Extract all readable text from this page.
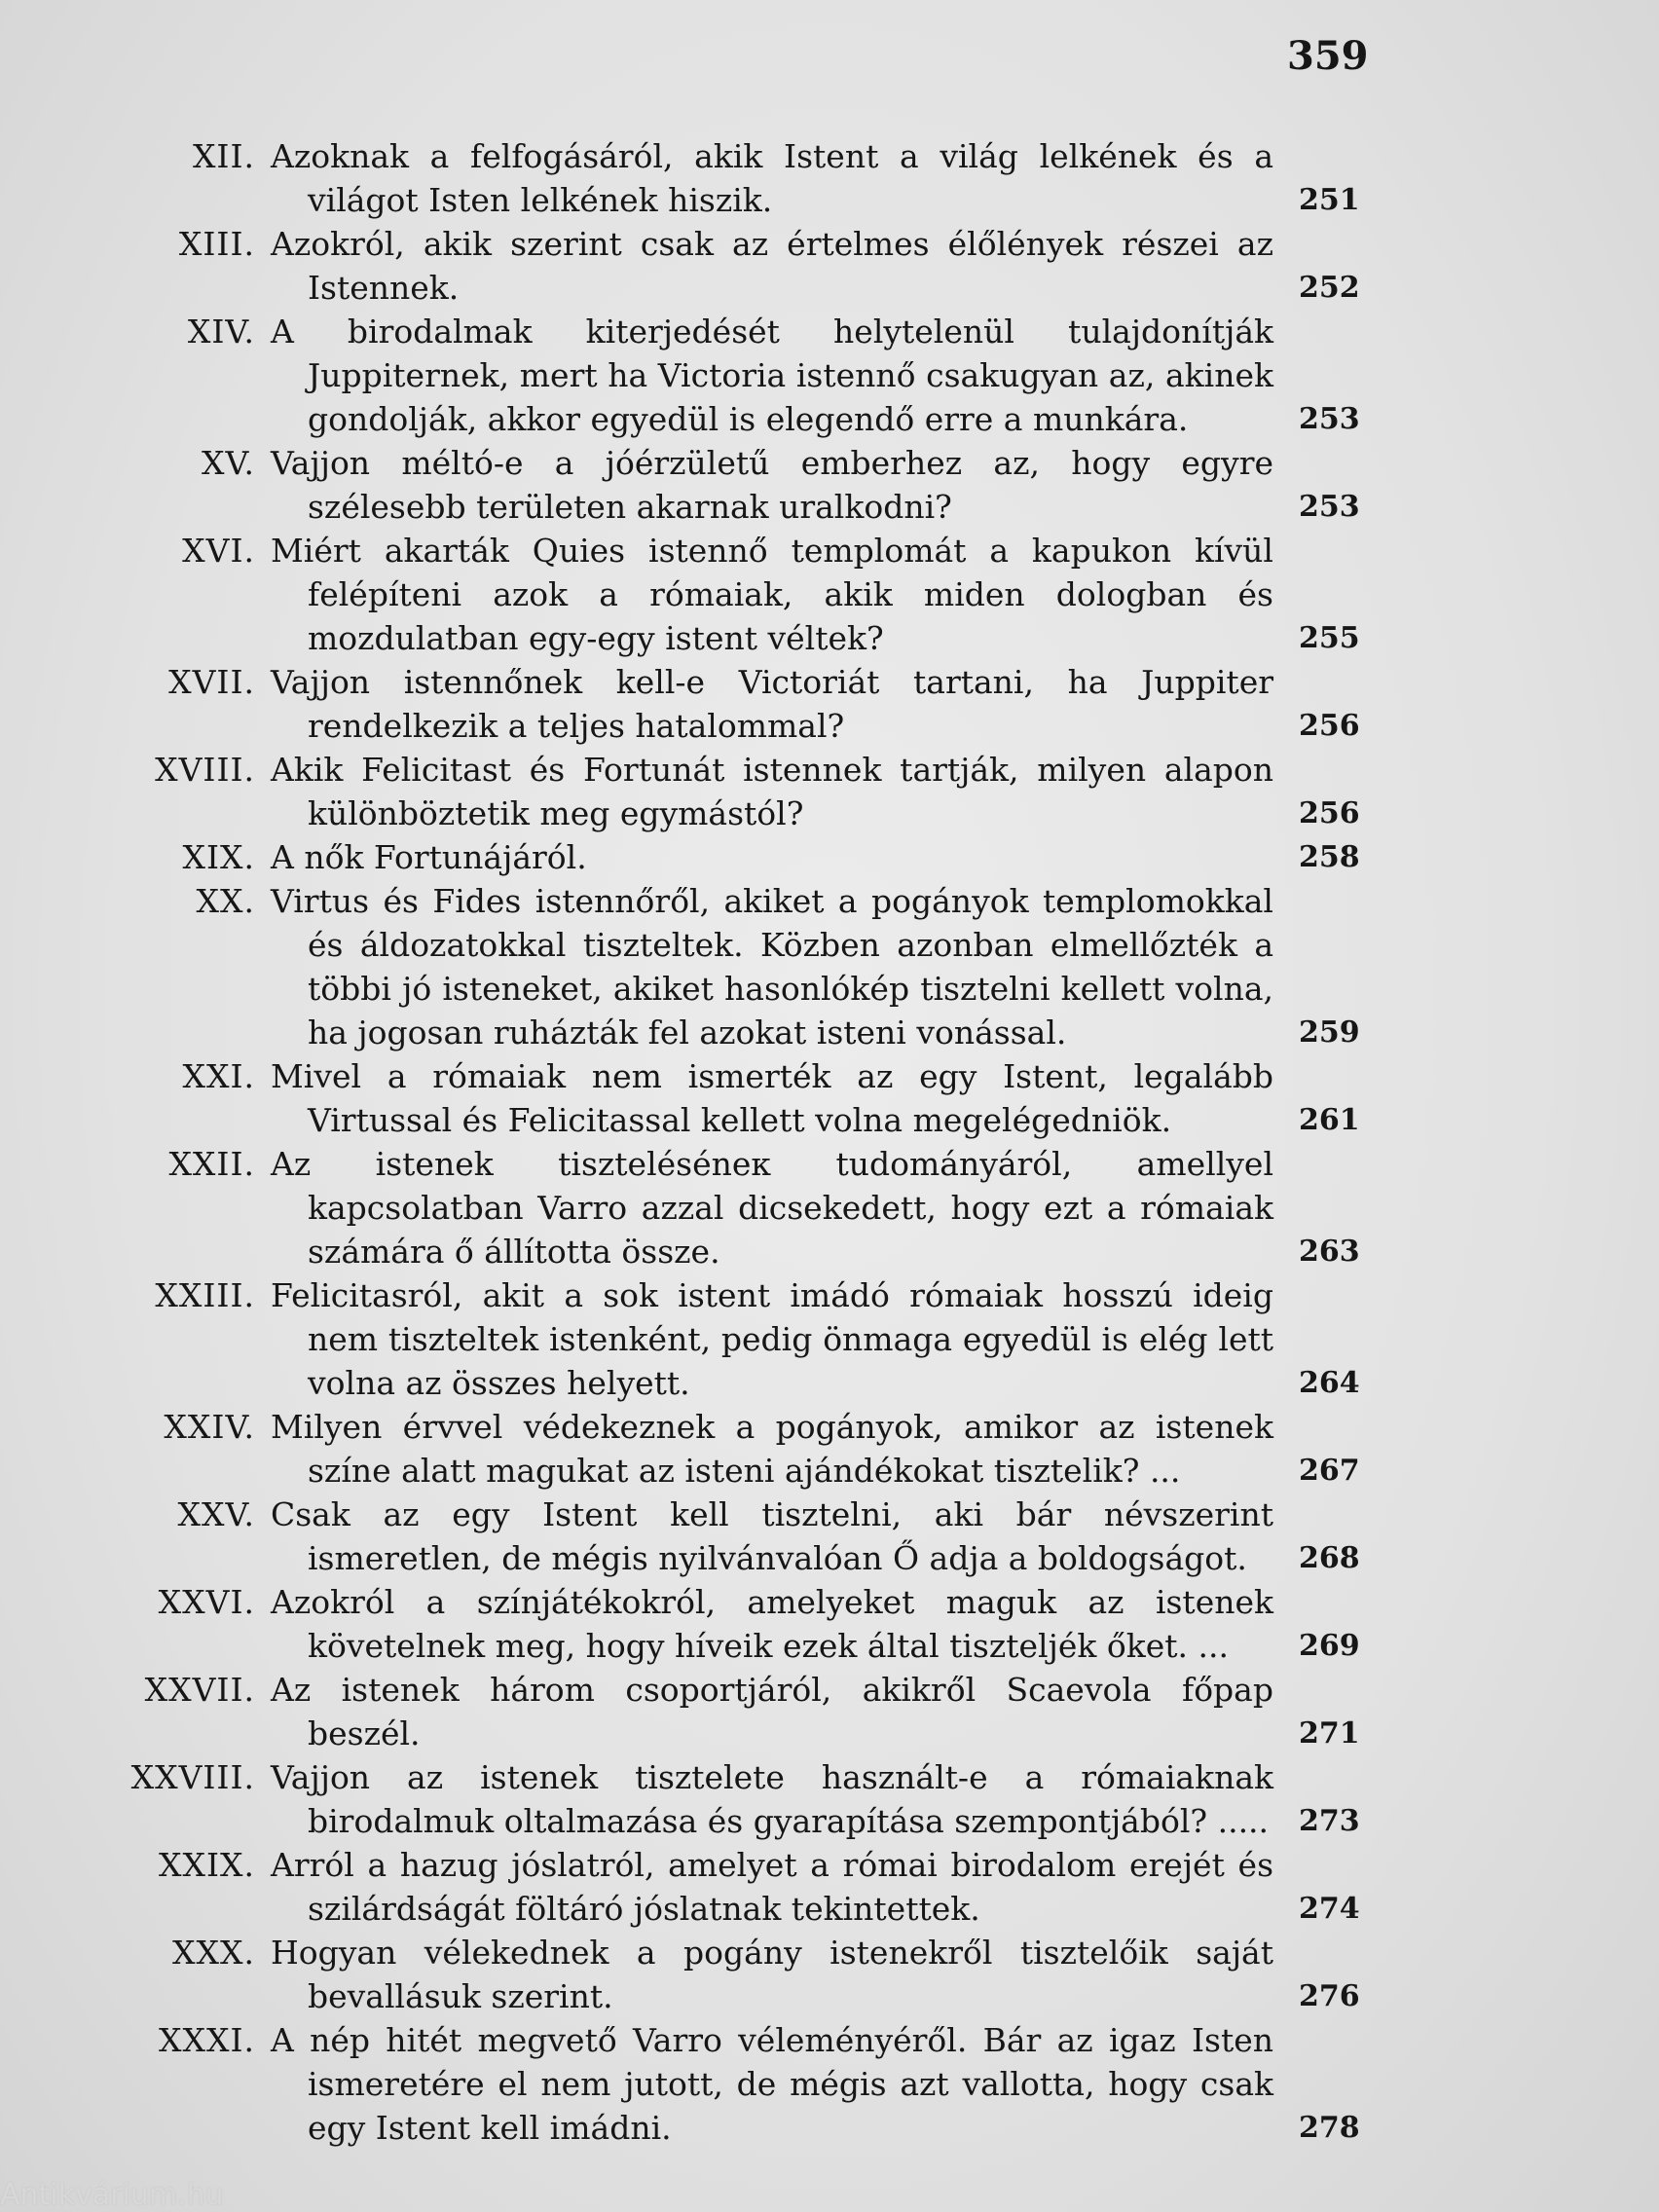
359
XII. Azoknak a felfogásáról, akik Istent a világ lelkének és a világot Isten lelkének hiszik.	251
XIII. Azokról, akik szerint csak az értelmes élőlények részei az Istennek.	252
XIV. A birodalmak kiterjedését helytelenül tulajdonítják Juppiternek, mert ha Victoria istennő csakugyan az, akinek gondolják, akkor egyedül is elegendő erre a munkára.	253
XV. Vajjon méltó-e a jóérzületű emberhez az, hogy egyre szélesebb területen akarnak uralkodni?	253
XVI. Miért akarták Quies istennő templomát a kapukon kívül felépíteni azok a rómaiak, akik miden dologban és mozdulatban egy-egy istent véltek?	255
XVII. Vajjon istennőnek kell-e Victoriát tartani, ha Juppiter rendelkezik a teljes hatalommal?	256
XVIII. Akik Felicitast és Fortunát istennek tartják, milyen alapon különböztetik meg egymástól?	256
XIX. A nők Fortunájáról.	258
XX. Virtus és Fides istennőről, akiket a pogányok templomokkal és áldozatokkal tiszteltek. Közben azonban elmellőzték a többi jó isteneket, akiket hasonlókép tisztelni kellett volna, ha jogosan ruházták fel azokat isteni vonással.	259
XXI. Mivel a rómaiak nem ismerték az egy Istent, legalább Virtussal és Felicitassal kellett volna megelégedniök.	261
XXII. Az istenek tiszteléséneк tudományáról, amellyel kapcsolatban Varro azzal dicsekedett, hogy ezt a rómaiak számára ő állította össze.	263
XXIII. Felicitasról, akit a sok istent imádó rómaiak hosszú ideig nem tiszteltek istenként, pedig önmaga egyedül is elég lett volna az összes helyett.	264
XXIV. Milyen érvvel védekeznek a pogányok, amikor az istenek színe alatt magukat az isteni ajándékokat tisztelik? ...	267
XXV. Csak az egy Istent kell tisztelni, aki bár névszerint ismeretlen, de mégis nyilvánvalóan Ő adja a boldogságot.	268
XXVI. Azokról a színjátékokról, amelyeket maguk az istenek követelnek meg, hogy híveik ezek által tiszteljék őket. ...	269
XXVII. Az istenek három csoportjáról, akikről Scaevola főpap beszél.	271
XXVIII. Vajjon az istenek tisztelete használt-e a rómaiaknak birodalmuk oltalmazása és gyarapítása szempontjából? ..... 273
XXIX. Arról a hazug jóslatról, amelyet a római birodalom erejét és szilárdságát föltáró jóslatnak tekintettek.	274
XXX. Hogyan vélekednek a pogány istenekről tisztelőik saját bevallásuk szerint.	276
XXXI. A nép hitét megvető Varro véleményéről. Bár az igaz Isten ismeretére el nem jutott, de mégis azt vallotta, hogy csak egy Istent kell imádni.	278
Antikvárium.hu
